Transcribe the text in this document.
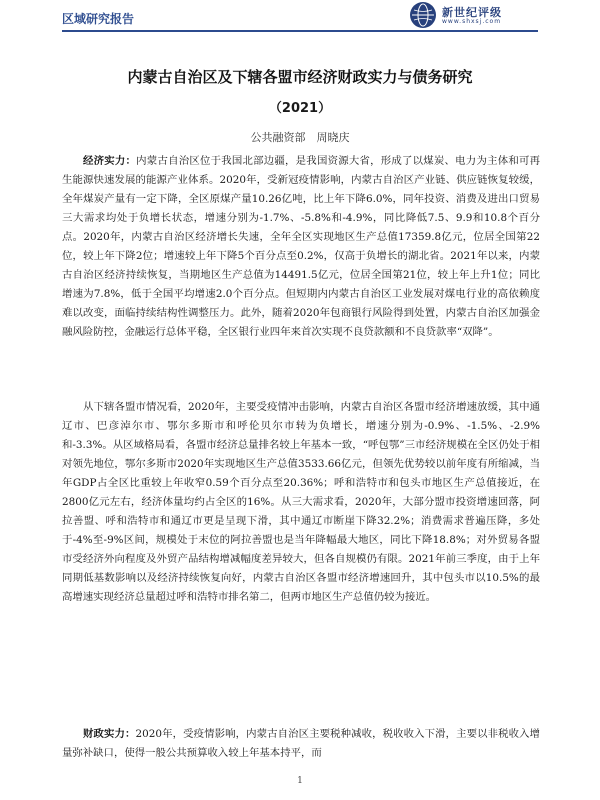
区域研究报告	新世纪评级
www.shxsj.com
内蒙古自治区及下辖各盟市经济财政实力与债务研究
（2021）
公共融资部　周晓庆

经济实力：内蒙古自治区位于我国北部边疆，是我国资源大省，形成了以煤炭、电力为主体和可再生能源快速发展的能源产业体系。2020年，受新冠疫情影响，内蒙古自治区产业链、供应链恢复较缓，全年煤炭产量有一定下降，全区原煤产量10.26亿吨，比上年下降6.0%，同年投资、消费及进出口贸易三大需求均处于负增长状态，增速分别为-1.7%、-5.8%和-4.9%，同比降低7.5、9.9和10.8个百分点。2020年，内蒙古自治区经济增长失速，全年全区实现地区生产总值17359.8亿元，位居全国第22位，较上年下降2位；增速较上年下降5个百分点至0.2%，仅高于负增长的湖北省。2021年以来，内蒙古自治区经济持续恢复，当期地区生产总值为14491.5亿元，位居全国第21位，较上年上升1位；同比增速为7.8%，低于全国平均增速2.0个百分点。但短期内内蒙古自治区工业发展对煤电行业的高依赖度难以改变，面临持续结构性调整压力。此外，随着2020年包商银行风险得到处置，内蒙古自治区加强金融风险防控，金融运行总体平稳，全区银行业四年来首次实现不良贷款额和不良贷款率“双降”。

从下辖各盟市情况看，2020年，主要受疫情冲击影响，内蒙古自治区各盟市经济增速放缓，其中通辽市、巴彦淖尔市、鄂尔多斯市和呼伦贝尔市转为负增长，增速分别为-0.9%、-1.5%、-2.9%和-3.3%。从区域格局看，各盟市经济总量排名较上年基本一致，“呼包鄂”三市经济规模在全区仍处于相对领先地位，鄂尔多斯市2020年实现地区生产总值3533.66亿元，但领先优势较以前年度有所缩减，当年GDP占全区比重较上年收窄0.59个百分点至20.36%；呼和浩特市和包头市地区生产总值接近，在2800亿元左右，经济体量均约占全区的16%。从三大需求看，2020年，大部分盟市投资增速回落，阿拉善盟、呼和浩特市和通辽市更是呈现下滑，其中通辽市断崖下降32.2%；消费需求普遍压降，多处于-4%至-9%区间，规模处于末位的阿拉善盟也是当年降幅最大地区，同比下降18.8%；对外贸易各盟市受经济外向程度及外贸产品结构增减幅度差异较大，但各自规模仍有限。2021年前三季度，由于上年同期低基数影响以及经济持续恢复向好，内蒙古自治区各盟市经济增速回升，其中包头市以10.5%的最高增速实现经济总量超过呼和浩特市排名第二，但两市地区生产总值仍较为接近。

财政实力：2020年，受疫情影响，内蒙古自治区主要税种减收，税收收入下滑，主要以非税收入增量弥补缺口，使得一般公共预算收入较上年基本持平，而

1
